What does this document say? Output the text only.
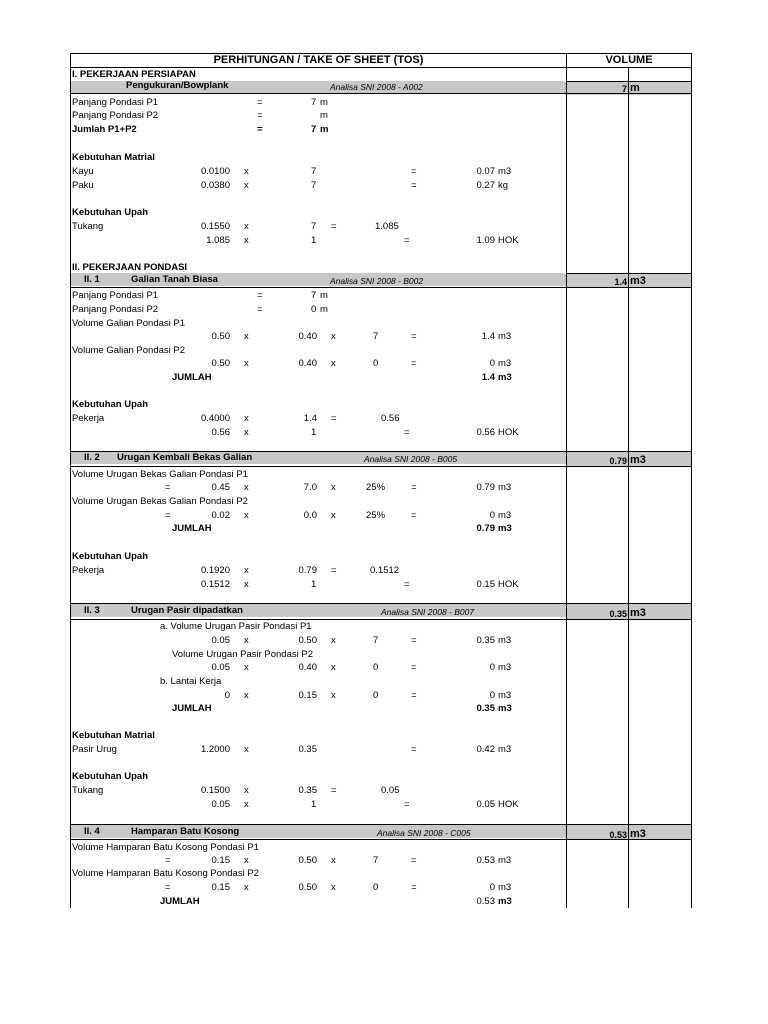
PERHITUNGAN / TAKE OF SHEET (TOS)	VOLUME
I. PEKERJAAN PERSIAPAN
Pengukuran/Bowplank	Analisa SNI 2008 - A002	7 m
Panjang Pondasi P1	=	7 m
Panjang Pondasi P2	=	m
Jumlah P1+P2	=	7 m
Kebutuhan Matrial
Kayu	0.0100 x	7	=	0.07 m3
Paku	0.0380 x	7	=	0.27 kg
Kebutuhan Upah
Tukang	0.1550 x	7 =	1.085
1.085 x	1	=	1.09 HOK
II. PEKERJAAN PONDASI
II. 1	Galian Tanah Biasa	Analisa SNI 2008 - B002	1.4 m3
Panjang Pondasi P1	=	7 m
Panjang Pondasi P2	=	0 m
Volume Galian Pondasi P1
0.50 x	0.40 x	7	=	1.4 m3
Volume Galian Pondasi P2
0.50 x	0.40 x	0	=	0 m3
JUMLAH	1.4 m3
Kebutuhan Upah
Pekerja	0.4000 x	1.4 =	0.56
0.56 x	1	=	0.56 HOK
II. 2 Urugan Kembali Bekas Galian	Analisa SNI 2008 - B005	0.79 m3
Volume Urugan Bekas Galian Pondasi P1
=	0.45 x	7.0 x	25%	=	0.79 m3
Volume Urugan Bekas Galian Pondasi P2
=	0.02 x	0.0 x	25%	=	0 m3
JUMLAH	0.79 m3
Kebutuhan Upah
Pekerja	0.1920 x	0.79 =	0.1512
0.1512 x	1	=	0.15 HOK
II. 3	Urugan Pasir dipadatkan	Analisa SNI 2008 - B007	0.35 m3
a. Volume Urugan Pasir Pondasi P1
0.05 x	0.50 x	7	=	0.35 m3
Volume Urugan Pasir Pondasi P2
0.05 x	0.40 x	0	=	0 m3
b. Lantai Kerja
0 x	0.15 x	0	=	0 m3
JUMLAH	0.35 m3
Kebutuhan Matrial
Pasir Urug	1.2000 x	0.35	=	0.42 m3
Kebutuhan Upah
Tukang	0.1500 x	0.35 =	0.05
0.05 x	1	=	0.05 HOK
II. 4	Hamparan Batu Kosong	Analisa SNI 2008 - C005	0.53 m3
Volume Hamparan Batu Kosong Pondasi P1
=	0.15 x	0.50 x	7	=	0.53 m3
Volume Hamparan Batu Kosong Pondasi P2
=	0.15 x	0.50 x	0	=	0 m3
JUMLAH	0.53 m3
